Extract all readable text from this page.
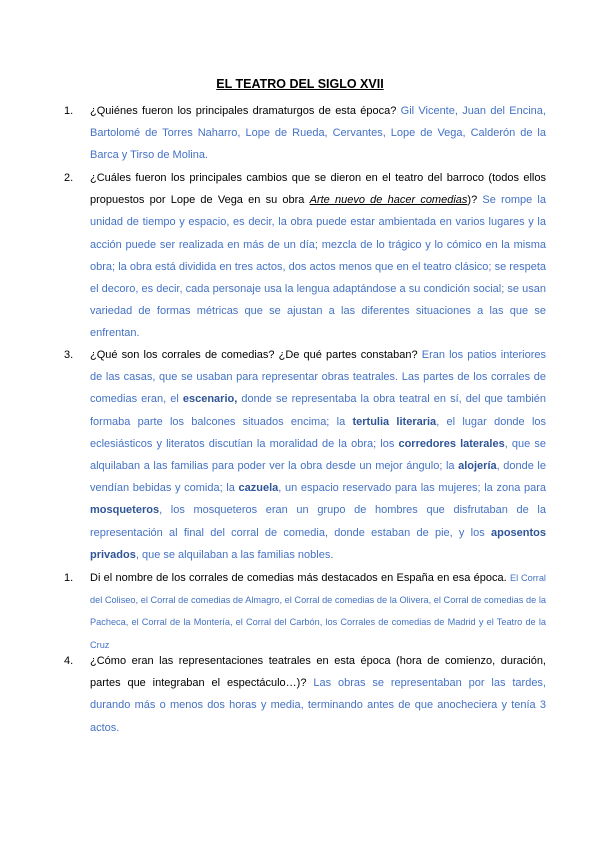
EL TEATRO DEL SIGLO XVII
1.	¿Quiénes fueron los principales dramaturgos de esta época? Gil Vicente, Juan del Encina, Bartolomé de Torres Naharro, Lope de Rueda, Cervantes, Lope de Vega, Calderón de la Barca y Tirso de Molina.
2.	¿Cuáles fueron los principales cambios que se dieron en el teatro del barroco (todos ellos propuestos por Lope de Vega en su obra Arte nuevo de hacer comedias)? Se rompe la unidad de tiempo y espacio, es decir, la obra puede estar ambientada en varios lugares y la acción puede ser realizada en más de un día; mezcla de lo trágico y lo cómico en la misma obra; la obra está dividida en tres actos, dos actos menos que en el teatro clásico; se respeta el decoro, es decir, cada personaje usa la lengua adaptándose a su condición social; se usan variedad de formas métricas que se ajustan a las diferentes situaciones a las que se enfrentan.
3.	¿Qué son los corrales de comedias? ¿De qué partes constaban? Eran los patios interiores de las casas, que se usaban para representar obras teatrales. Las partes de los corrales de comedias eran, el escenario, donde se representaba la obra teatral en sí, del que también formaba parte los balcones situados encima; la tertulia literaria, el lugar donde los eclesiásticos y literatos discutían la moralidad de la obra; los corredores laterales, que se alquilaban a las familias para poder ver la obra desde un mejor ángulo; la alojería, donde le vendían bebidas y comida; la cazuela, un espacio reservado para las mujeres; la zona para mosqueteros, los mosqueteros eran un grupo de hombres que disfrutaban de la representación al final del corral de comedia, donde estaban de pie, y los aposentos privados, que se alquilaban a las familias nobles.
1.	Di el nombre de los corrales de comedias más destacados en España en esa época. El Corral del Coliseo, el Corral de comedias de Almagro, el Corral de comedias de la Olivera, el Corral de comedias de la Pacheca, el Corral de la Montería, el Corral del Carbón, los Corrales de comedias de Madrid y el Teatro de la Cruz
4.	¿Cómo eran las representaciones teatrales en esta época (hora de comienzo, duración, partes que integraban el espectáculo…)? Las obras se representaban por las tardes, durando más o menos dos horas y media, terminando antes de que anocheciera y tenía 3 actos.
